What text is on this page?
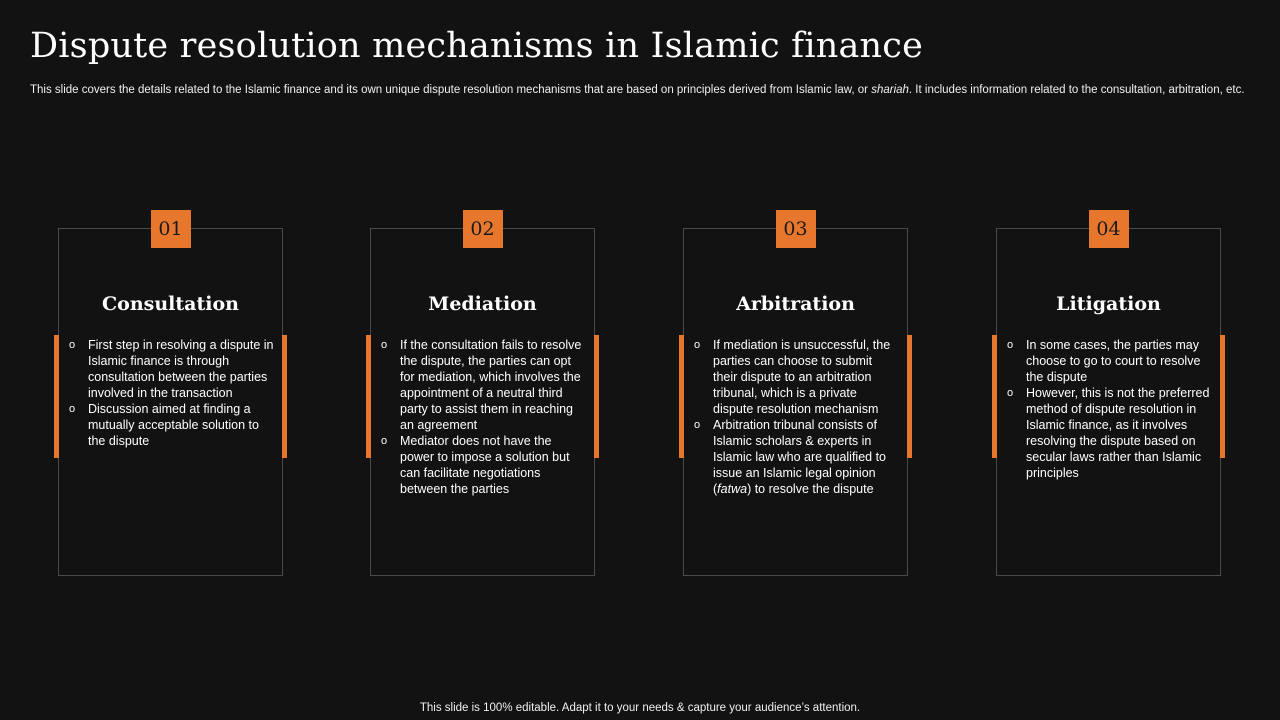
Dispute resolution mechanisms in Islamic finance

This slide covers the details related to the Islamic finance and its own unique dispute resolution mechanisms that are based on principles derived from Islamic law, or shariah. It includes information related to the consultation, arbitration, etc.

01
Consultation
o First step in resolving a dispute in Islamic finance is through consultation between the parties involved in the transaction
o Discussion aimed at finding a mutually acceptable solution to the dispute
02
Mediation
o If the consultation fails to resolve the dispute, the parties can opt for mediation, which involves the appointment of a neutral third party to assist them in reaching an agreement
o Mediator does not have the power to impose a solution but can facilitate negotiations between the parties
03
Arbitration
o If mediation is unsuccessful, the parties can choose to submit their dispute to an arbitration tribunal, which is a private dispute resolution mechanism
o Arbitration tribunal consists of Islamic scholars & experts in Islamic law who are qualified to issue an Islamic legal opinion (fatwa) to resolve the dispute
04
Litigation
o In some cases, the parties may choose to go to court to resolve the dispute
o However, this is not the preferred method of dispute resolution in Islamic finance, as it involves resolving the dispute based on secular laws rather than Islamic principles

This slide is 100% editable. Adapt it to your needs & capture your audience’s attention.
